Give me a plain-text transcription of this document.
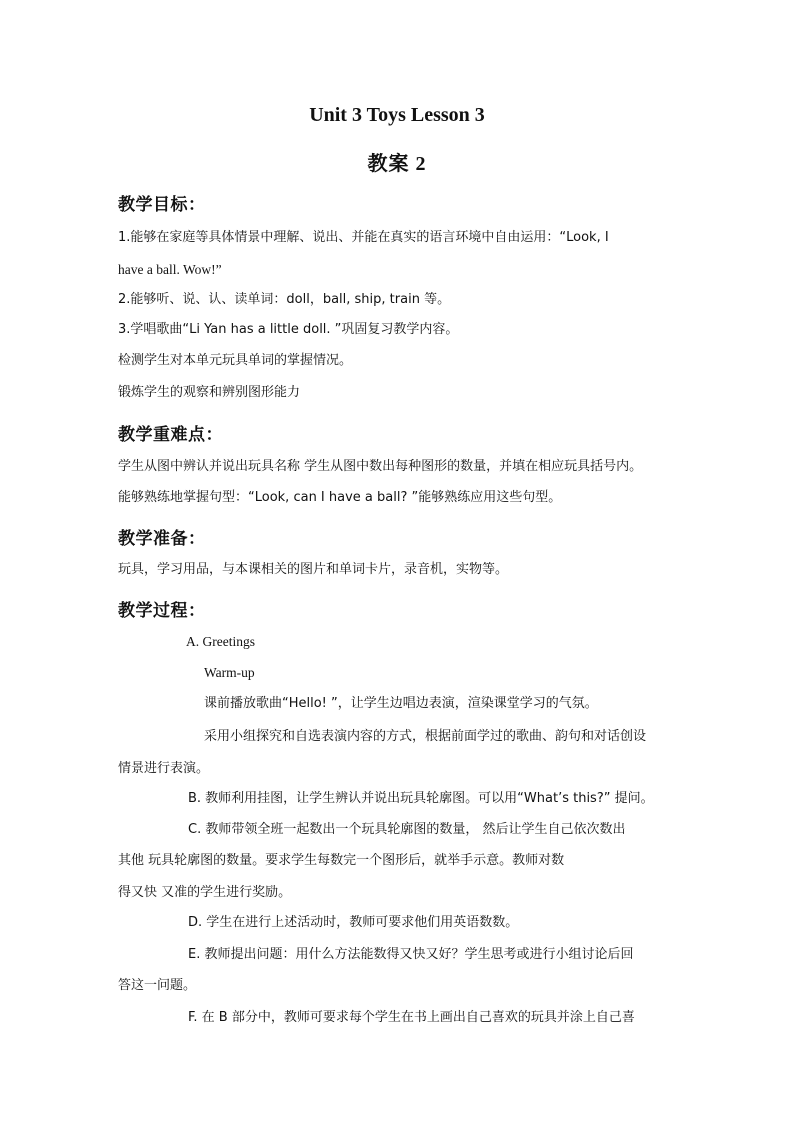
Unit 3 Toys Lesson 3
教案 2
教学目标：
1.能够在家庭等具体情景中理解、说出、并能在真实的语言环境中自由运用：“Look, I
have a ball. Wow!”
2.能够听、说、认、读单词：doll，ball, ship, train 等。
3.学唱歌曲“Li Yan has a little doll. ”巩固复习教学内容。
检测学生对本单元玩具单词的掌握情况。
锻炼学生的观察和辨别图形能力
教学重难点：
学生从图中辨认并说出玩具名称 学生从图中数出每种图形的数量，并填在相应玩具括号内。
能够熟练地掌握句型：“Look, can I have a ball? ”能够熟练应用这些句型。
教学准备：
玩具，学习用品，与本课相关的图片和单词卡片，录音机，实物等。
教学过程：
A. Greetings
Warm-up
课前播放歌曲“Hello! ”，让学生边唱边表演，渲染课堂学习的气氛。
采用小组探究和自选表演内容的方式，根据前面学过的歌曲、韵句和对话创设
情景进行表演。
B. 教师利用挂图，让学生辨认并说出玩具轮廓图。可以用“What’s this?” 提问。
C. 教师带领全班一起数出一个玩具轮廓图的数量， 然后让学生自己依次数出
其他 玩具轮廓图的数量。要求学生每数完一个图形后，就举手示意。教师对数
得又快 又准的学生进行奖励。
D. 学生在进行上述活动时，教师可要求他们用英语数数。
E. 教师提出问题：用什么方法能数得又快又好？学生思考或进行小组讨论后回
答这一问题。
F. 在 B 部分中，教师可要求每个学生在书上画出自己喜欢的玩具并涂上自己喜
